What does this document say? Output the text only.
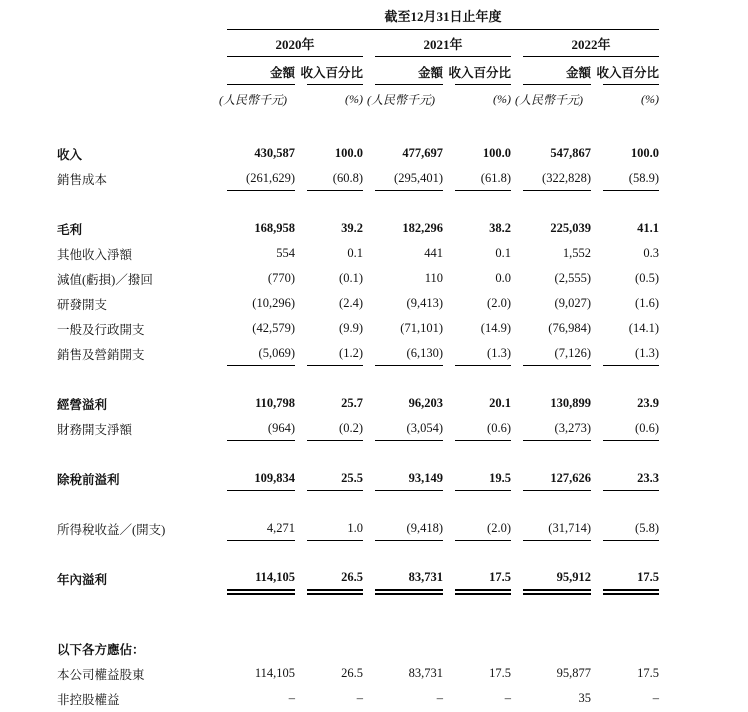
截至12月31日止年度
2020年	2021年	2022年
金額 收入百分比	金額 收入百分比	金額 收入百分比
(人民幣千元)	(%) (人民幣千元)	(%) (人民幣千元)	(%)
收入	430,587	100.0	477,697	100.0	547,867	100.0
銷售成本	(261,629)	(60.8)	(295,401)	(61.8)	(322,828)	(58.9)
毛利	168,958	39.2	182,296	38.2	225,039	41.1
其他收入淨額	554	0.1	441	0.1	1,552	0.3
減值(虧損)／撥回	(770)	(0.1)	110	0.0	(2,555)	(0.5)
研發開支	(10,296)	(2.4)	(9,413)	(2.0)	(9,027)	(1.6)
一般及行政開支	(42,579)	(9.9)	(71,101)	(14.9)	(76,984)	(14.1)
銷售及營銷開支	(5,069)	(1.2)	(6,130)	(1.3)	(7,126)	(1.3)
經營溢利	110,798	25.7	96,203	20.1	130,899	23.9
財務開支淨額	(964)	(0.2)	(3,054)	(0.6)	(3,273)	(0.6)
除稅前溢利	109,834	25.5	93,149	19.5	127,626	23.3
所得稅收益／(開支)	4,271	1.0	(9,418)	(2.0)	(31,714)	(5.8)
年內溢利	114,105	26.5	83,731	17.5	95,912	17.5
以下各方應佔：
本公司權益股東	114,105	26.5	83,731	17.5	95,877	17.5
非控股權益	–	–	–	–	35	–
